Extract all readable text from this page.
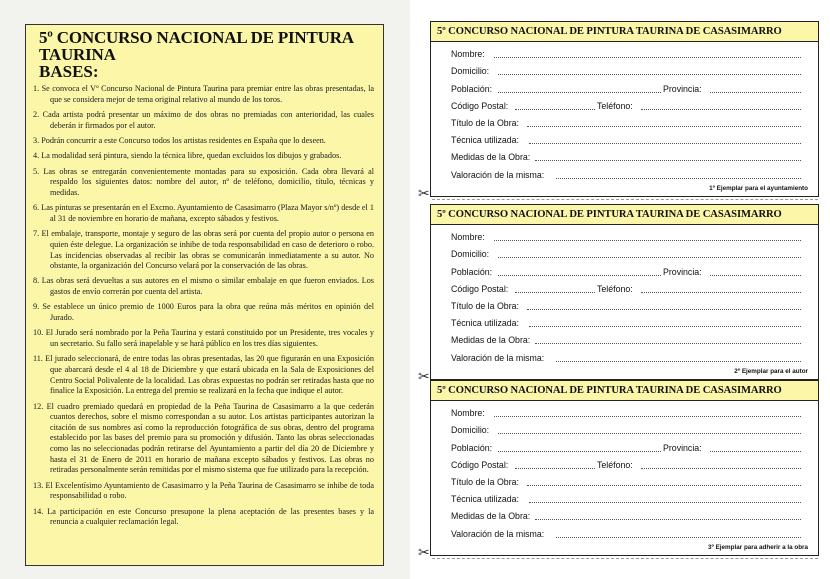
5º CONCURSO NACIONAL DE PINTURA TAURINA
BASES:

1. Se convoca el Vº Concurso Nacional de Pintura Taurina para premiar entre las obras presentadas, la que se considera mejor de tema original relativo al mundo de los toros.

2. Cada artista podrá presentar un máximo de dos obras no premiadas con anterioridad, las cuales deberán ir firmados por el autor.

3. Podrán concurrir a este Concurso todos los artistas residentes en España que lo deseen.

4. La modalidad será pintura, siendo la técnica libre, quedan excluidos los dibujos y grabados.

5. Las obras se entregarán convenientemente montadas para su exposición. Cada obra llevará al respaldo los siguientes datos: nombre del autor, nº de teléfono, domicilio, título, técnicas y medidas.

6. Las pinturas se presentarán en el Excmo. Ayuntamiento de Casasimarro (Plaza Mayor s/nº) desde el 1 al 31 de noviembre en horario de mañana, excepto sábados y festivos.

7. El embalaje, transporte, montaje y seguro de las obras será por cuenta del propio autor o persona en quien éste delegue. La organización se inhibe de toda responsabilidad en caso de deterioro o robo. Las incidencias observadas al recibir las obras se comunicarán inmediatamente a su autor. No obstante, la organización del Concurso velará por la conservación de las obras.

8. Las obras será devueltas a sus autores en el mismo o similar embalaje en que fueron enviados. Los gastos de envío correrán por cuenta del artista.

9. Se establece un único premio de 1000 Euros para la obra que reúna más méritos en opinión del Jurado.

10. El Jurado será nombrado por la Peña Taurina y estará constituido por un Presidente, tres vocales y un secretario. Su fallo será inapelable y se hará público en los tres días siguientes.

11. El jurado seleccionará, de entre todas las obras presentadas, las 20 que figurarán en una Exposición que abarcará desde el 4 al 18 de Diciembre y que estará ubicada en la Sala de Exposiciones del Centro Social Polivalente de la localidad. Las obras expuestas no podrán ser retiradas hasta que no finalice la Exposición. La entrega del premio se realizará en la fecha que indique el autor.

12. El cuadro premiado quedará en propiedad de la Peña Taurina de Casasimarro a la que cederán cuantos derechos, sobre el mismo correspondan a su autor. Los artistas participantes autorizan la citación de sus nombres así como la reproducción fotográfica de sus obras, dentro del programa establecido por las bases del premio para su promoción y difusión. Tanto las obras seleccionadas como las no seleccionadas podrán retirarse del Ayuntamiento a partir del día 20 de Diciembre y hasta el 31 de Enero de 2011 en horario de mañana excepto sábados y festivos. Las obras no retiradas personalmente serán remitidas por el mismo sistema que fue utilizado para la recepción.

13. El Excelentísimo Ayuntamiento de Casasimarro y la Peña Taurina de Casasimarro se inhibe de toda responsabilidad o robo.

14. La participación en este Concurso presupone la plena aceptación de las presentes bases y la renuncia a cualquier reclamación legal.

5º CONCURSO NACIONAL DE PINTURA TAURINA DE CASASIMARRO
Nombre:
Domicilio:
Población:	Provincia:
Código Postal:	Teléfono:
Título de la Obra:
Técnica utilizada:
Medidas de la Obra:
Valoración de la misma:
1º Ejemplar para el ayuntamiento
✂
5º CONCURSO NACIONAL DE PINTURA TAURINA DE CASASIMARRO
Nombre:
Domicilio:
Población:	Provincia:
Código Postal:	Teléfono:
Título de la Obra:
Técnica utilizada:
Medidas de la Obra:
Valoración de la misma:
2º Ejemplar para el autor
✂
5º CONCURSO NACIONAL DE PINTURA TAURINA DE CASASIMARRO
Nombre:
Domicilio:
Población:	Provincia:
Código Postal:	Teléfono:
Título de la Obra:
Técnica utilizada:
Medidas de la Obra:
Valoración de la misma:
3º Ejemplar para adherir a la obra
✂
